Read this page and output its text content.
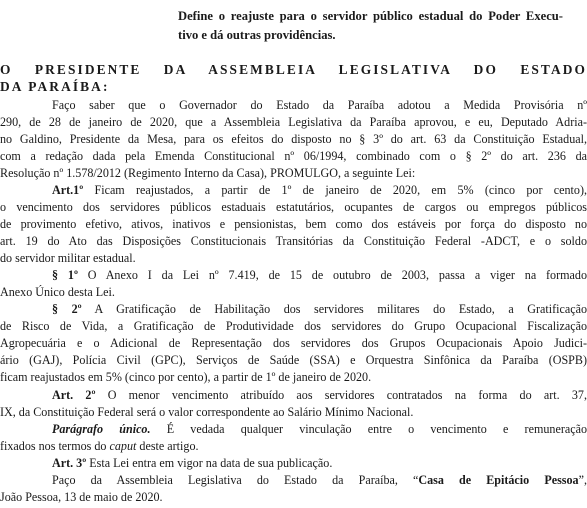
Define o reajuste para o servidor público estadual do Poder Execu-
tivo e dá outras providências.
O PRESIDENTE DA ASSEMBLEIA LEGISLATIVA DO ESTADO
DA PARAÍBA:
Faço saber que o Governador do Estado da Paraíba adotou a Medida Provisória nº
290, de 28 de janeiro de 2020, que a Assembleia Legislativa da Paraíba aprovou, e eu, Deputado Adria-
no Galdino, Presidente da Mesa, para os efeitos do disposto no § 3º do art. 63 da Constituição Estadual,
com a redação dada pela Emenda Constitucional nº 06/1994, combinado com o § 2º do art. 236 da
Resolução nº 1.578/2012 (Regimento Interno da Casa), PROMULGO, a seguinte Lei:
Art.1º Ficam reajustados, a partir de 1º de janeiro de 2020, em 5% (cinco por cento),
o vencimento dos servidores públicos estaduais estatutários, ocupantes de cargos ou empregos públicos
de provimento efetivo, ativos, inativos e pensionistas, bem como dos estáveis por força do disposto no
art. 19 do Ato das Disposições Constitucionais Transitórias da Constituição Federal -ADCT, e o soldo
do servidor militar estadual.
§ 1º O Anexo I da Lei nº 7.419, de 15 de outubro de 2003, passa a viger na formado
Anexo Único desta Lei.
§ 2º A Gratificação de Habilitação dos servidores militares do Estado, a Gratificação
de Risco de Vida, a Gratificação de Produtividade dos servidores do Grupo Ocupacional Fiscalização
Agropecuária e o Adicional de Representação dos servidores dos Grupos Ocupacionais Apoio Judici-
ário (GAJ), Polícia Civil (GPC), Serviços de Saúde (SSA) e Orquestra Sinfônica da Paraíba (OSPB)
ficam reajustados em 5% (cinco por cento), a partir de 1º de janeiro de 2020.
Art. 2º O menor vencimento atribuído aos servidores contratados na forma do art. 37,
IX, da Constituição Federal será o valor correspondente ao Salário Mínimo Nacional.
Parágrafo único. É vedada qualquer vinculação entre o vencimento e remuneração
fixados nos termos do caput deste artigo.
Art. 3º Esta Lei entra em vigor na data de sua publicação.
Paço da Assembleia Legislativa do Estado da Paraíba, “Casa de Epitácio Pessoa”,
João Pessoa, 13 de maio de 2020.
